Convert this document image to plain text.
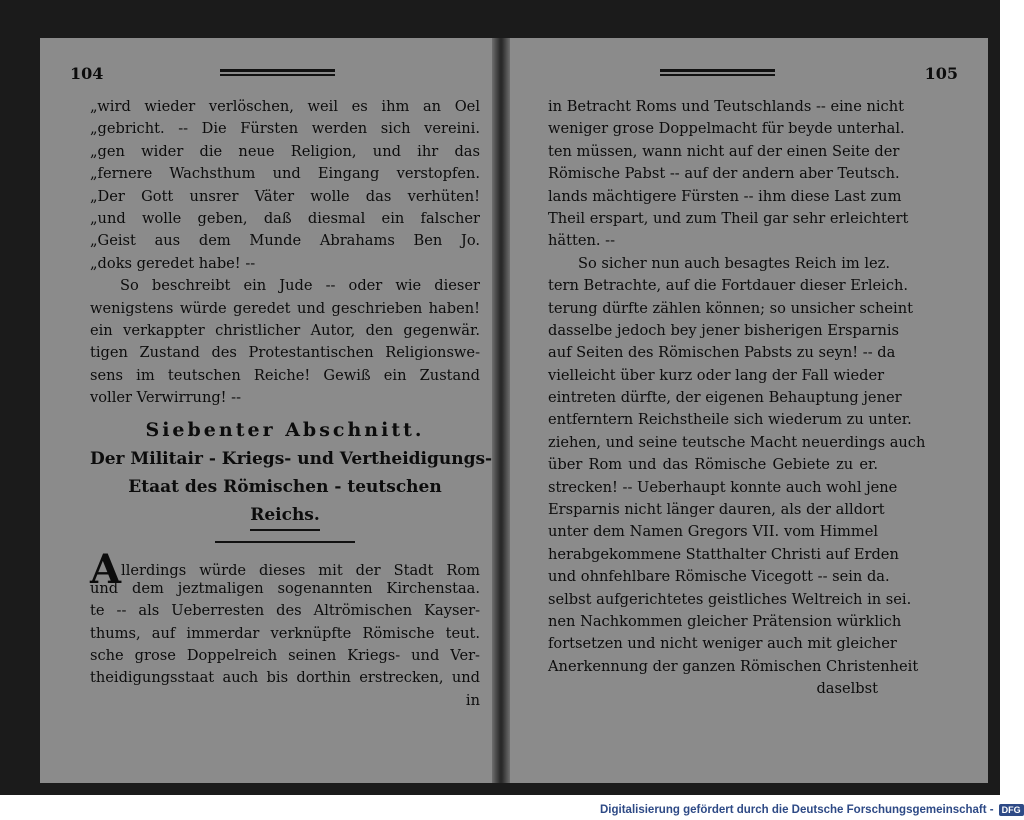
104
„wird wieder verlöschen, weil es ihm an Oel
„gebricht. -- Die Fürsten werden sich vereini.
„gen wider die neue Religion, und ihr das
„fernere Wachsthum und Eingang verstopfen.
„Der Gott unsrer Väter wolle das verhüten!
„und wolle geben, daß diesmal ein falscher
„Geist aus dem Munde Abrahams Ben Jo.
„doks geredet habe! --
So beschreibt ein Jude -- oder wie dieser
wenigstens würde geredet und geschrieben haben!
ein verkappter christlicher Autor, den gegenwär.
tigen Zustand des Protestantischen Religionswe-
sens im teutschen Reiche! Gewiß ein Zustand
voller Verwirrung! --
Siebenter Abschnitt.
Der Militair - Kriegs- und Vertheidigungs-
Etaat des Römischen - teutschen
Reichs.
Allerdings würde dieses mit der Stadt Rom
und dem jeztmaligen sogenannten Kirchenstaa.
te -- als Ueberresten des Altrömischen Kayser-
thums, auf immerdar verknüpfte Römische teut.
sche grose Doppelreich seinen Kriegs- und Ver-
theidigungsstaat auch bis dorthin erstrecken, und
in
105
in Betracht Roms und Teutschlands -- eine nicht
weniger grose Doppelmacht für beyde unterhal.
ten müssen, wann nicht auf der einen Seite der
Römische Pabst -- auf der andern aber Teutsch.
lands mächtigere Fürsten -- ihm diese Last zum
Theil erspart, und zum Theil gar sehr erleichtert
hätten. --
So sicher nun auch besagtes Reich im lez.
tern Betrachte, auf die Fortdauer dieser Erleich.
terung dürfte zählen können; so unsicher scheint
dasselbe jedoch bey jener bisherigen Ersparnis
auf Seiten des Römischen Pabsts zu seyn! -- da
vielleicht über kurz oder lang der Fall wieder
eintreten dürfte, der eigenen Behauptung jener
entferntern Reichstheile sich wiederum zu unter.
ziehen, und seine teutsche Macht neuerdings auch
über Rom und das Römische Gebiete zu er.
strecken! -- Ueberhaupt konnte auch wohl jene
Ersparnis nicht länger dauren, als der alldort
unter dem Namen Gregors VII. vom Himmel
herabgekommene Statthalter Christi auf Erden
und ohnfehlbare Römische Vicegott -- sein da.
selbst aufgerichtetes geistliches Weltreich in sei.
nen Nachkommen gleicher Prätension würklich
fortsetzen und nicht weniger auch mit gleicher
Anerkennung der ganzen Römischen Christenheit
daselbst
Digitalisierung gefördert durch die Deutsche Forschungsgemeinschaft - DFG
